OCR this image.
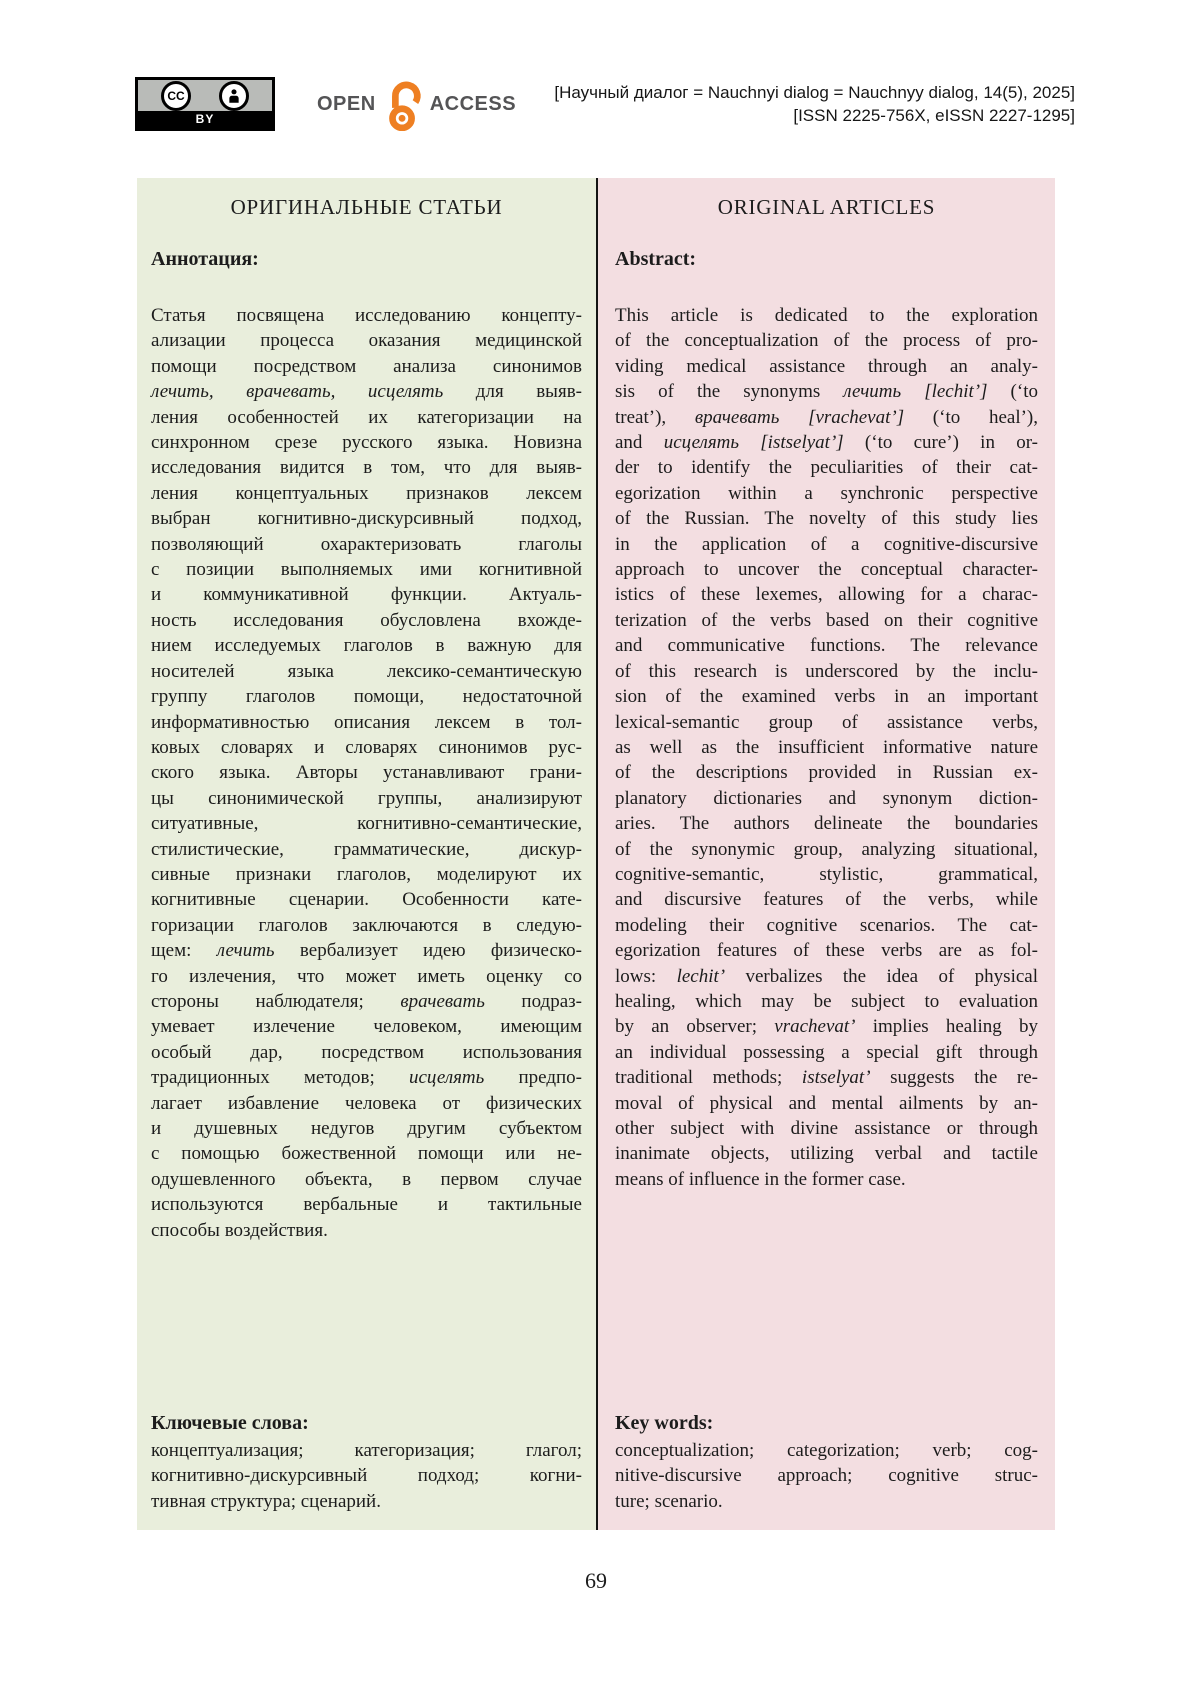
CC
BY
OPEN	ACCESS [Научный диалог = Nauchnyi dialog = Nauchnyy dialog, 14(5), 2025]
[ISSN 2225-756X, eISSN 2227-1295]
ОРИГИНАЛЬНЫЕ СТАТЬИ
Аннотация:
Статья посвящена исследованию концепту-
ализации процесса оказания медицинской
помощи посредством анализа синонимов
лечить, врачевать, исцелять для выяв-
ления особенностей их категоризации на
синхронном срезе русского языка. Новизна
исследования видится в том, что для выяв-
ления концептуальных признаков лексем
выбран когнитивно-дискурсивный подход,
позволяющий охарактеризовать глаголы
с позиции выполняемых ими когнитивной
и коммуникативной функции. Актуаль-
ность исследования обусловлена вхожде-
нием исследуемых глаголов в важную для
носителей языка лексико-семантическую
группу глаголов помощи, недостаточной
информативностью описания лексем в тол-
ковых словарях и словарях синонимов рус-
ского языка. Авторы устанавливают грани-
цы синонимической группы, анализируют
ситуативные, когнитивно-семантические,
стилистические, грамматические, дискур-
сивные признаки глаголов, моделируют их
когнитивные сценарии. Особенности кате-
горизации глаголов заключаются в следую-
щем: лечить вербализует идею физическо-
го излечения, что может иметь оценку со
стороны наблюдателя; врачевать подраз-
умевает излечение человеком, имеющим
особый дар, посредством использования
традиционных методов; исцелять предпо-
лагает избавление человека от физических
и душевных недугов другим субъектом
с помощью божественной помощи или не-
одушевленного объекта, в первом случае
используются вербальные и тактильные
способы воздействия.
Ключевые слова:
концептуализация; категоризация; глагол;
когнитивно-дискурсивный подход; когни-
тивная структура; сценарий.
ORIGINAL ARTICLES
Abstract:
This article is dedicated to the exploration
of the conceptualization of the process of pro-
viding medical assistance through an analy-
sis of the synonyms лечить [lechit’] (‘to
treat’), врачевать [vrachevat’] (‘to heal’),
and исцелять [istselyat’] (‘to cure’) in or-
der to identify the peculiarities of their cat-
egorization within a synchronic perspective
of the Russian. The novelty of this study lies
in the application of a cognitive-discursive
approach to uncover the conceptual character-
istics of these lexemes, allowing for a charac-
terization of the verbs based on their cognitive
and communicative functions. The relevance
of this research is underscored by the inclu-
sion of the examined verbs in an important
lexical-semantic group of assistance verbs,
as well as the insufficient informative nature
of the descriptions provided in Russian ex-
planatory dictionaries and synonym diction-
aries. The authors delineate the boundaries
of the synonymic group, analyzing situational,
cognitive-semantic, stylistic, grammatical,
and discursive features of the verbs, while
modeling their cognitive scenarios. The cat-
egorization features of these verbs are as fol-
lows: lechit’ verbalizes the idea of physical
healing, which may be subject to evaluation
by an observer; vrachevat’ implies healing by
an individual possessing a special gift through
traditional methods; istselyat’ suggests the re-
moval of physical and mental ailments by an-
other subject with divine assistance or through
inanimate objects, utilizing verbal and tactile
means of influence in the former case.
Key words:
conceptualization; categorization; verb; cog-
nitive-discursive approach; cognitive struc-
ture; scenario.
69
